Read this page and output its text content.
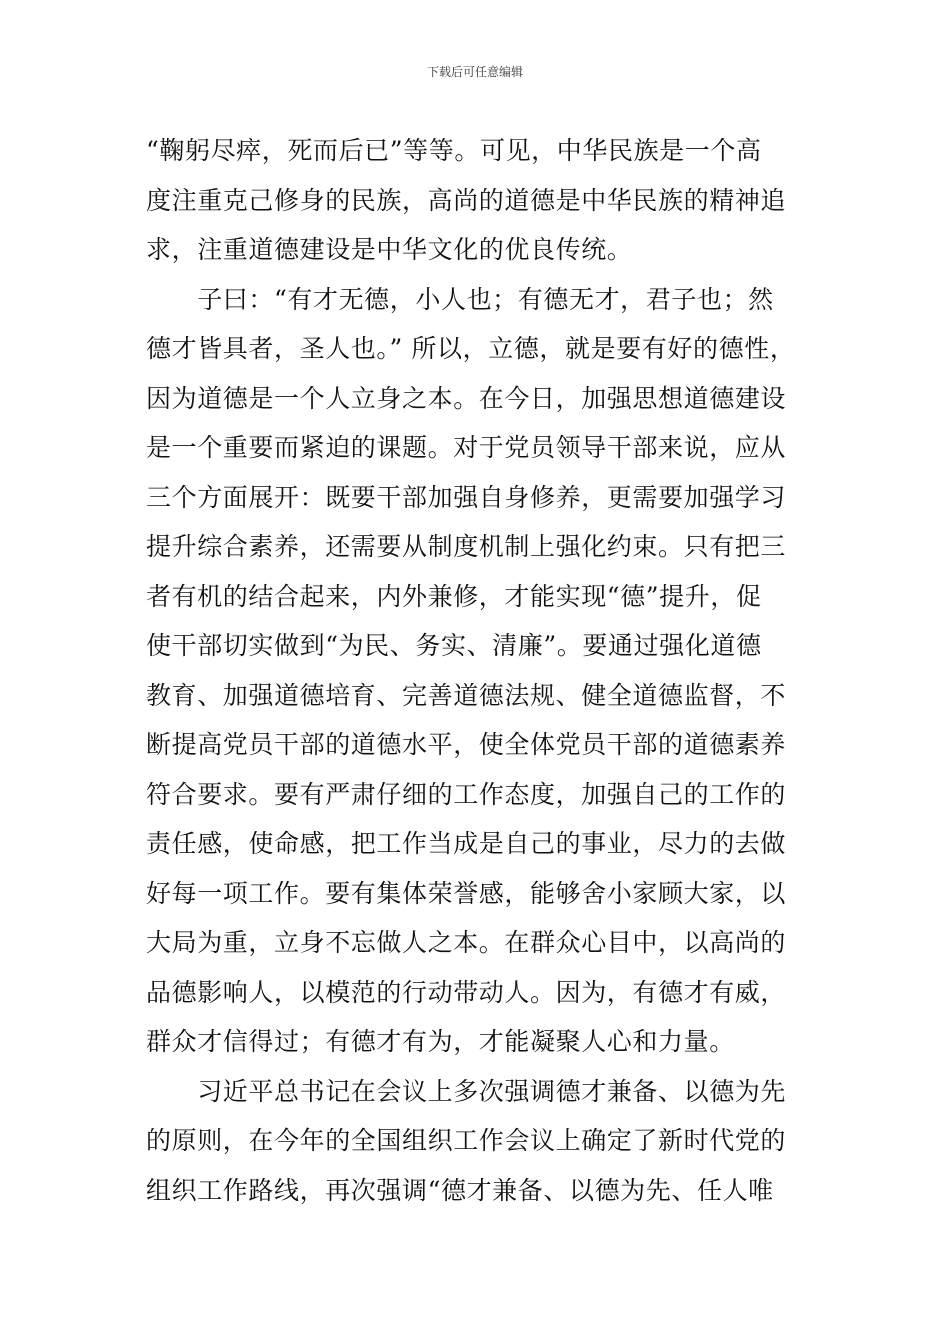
下载后可任意编辑
“鞠躬尽瘁，死而后已”等等。可见，中华民族是一个高
度注重克己修身的民族，高尚的道德是中华民族的精神追
求，注重道德建设是中华文化的优良传统。
　　子曰：“有才无德，小人也；有德无才，君子也；然
德才皆具者，圣人也。” 所以，立德，就是要有好的德性，
因为道德是一个人立身之本。在今日，加强思想道德建设
是一个重要而紧迫的课题。对于党员领导干部来说，应从
三个方面展开：既要干部加强自身修养，更需要加强学习
提升综合素养，还需要从制度机制上强化约束。只有把三
者有机的结合起来，内外兼修，才能实现“德”提升，促
使干部切实做到“为民、务实、清廉”。要通过强化道德
教育、加强道德培育、完善道德法规、健全道德监督，不
断提高党员干部的道德水平，使全体党员干部的道德素养
符合要求。要有严肃仔细的工作态度，加强自己的工作的
责任感，使命感，把工作当成是自己的事业，尽力的去做
好每一项工作。要有集体荣誉感，能够舍小家顾大家，以
大局为重，立身不忘做人之本。在群众心目中，以高尚的
品德影响人，以模范的行动带动人。因为，有德才有威，
群众才信得过；有德才有为，才能凝聚人心和力量。
　　习近平总书记在会议上多次强调德才兼备、以德为先
的原则，在今年的全国组织工作会议上确定了新时代党的
组织工作路线，再次强调“德才兼备、以德为先、任人唯
